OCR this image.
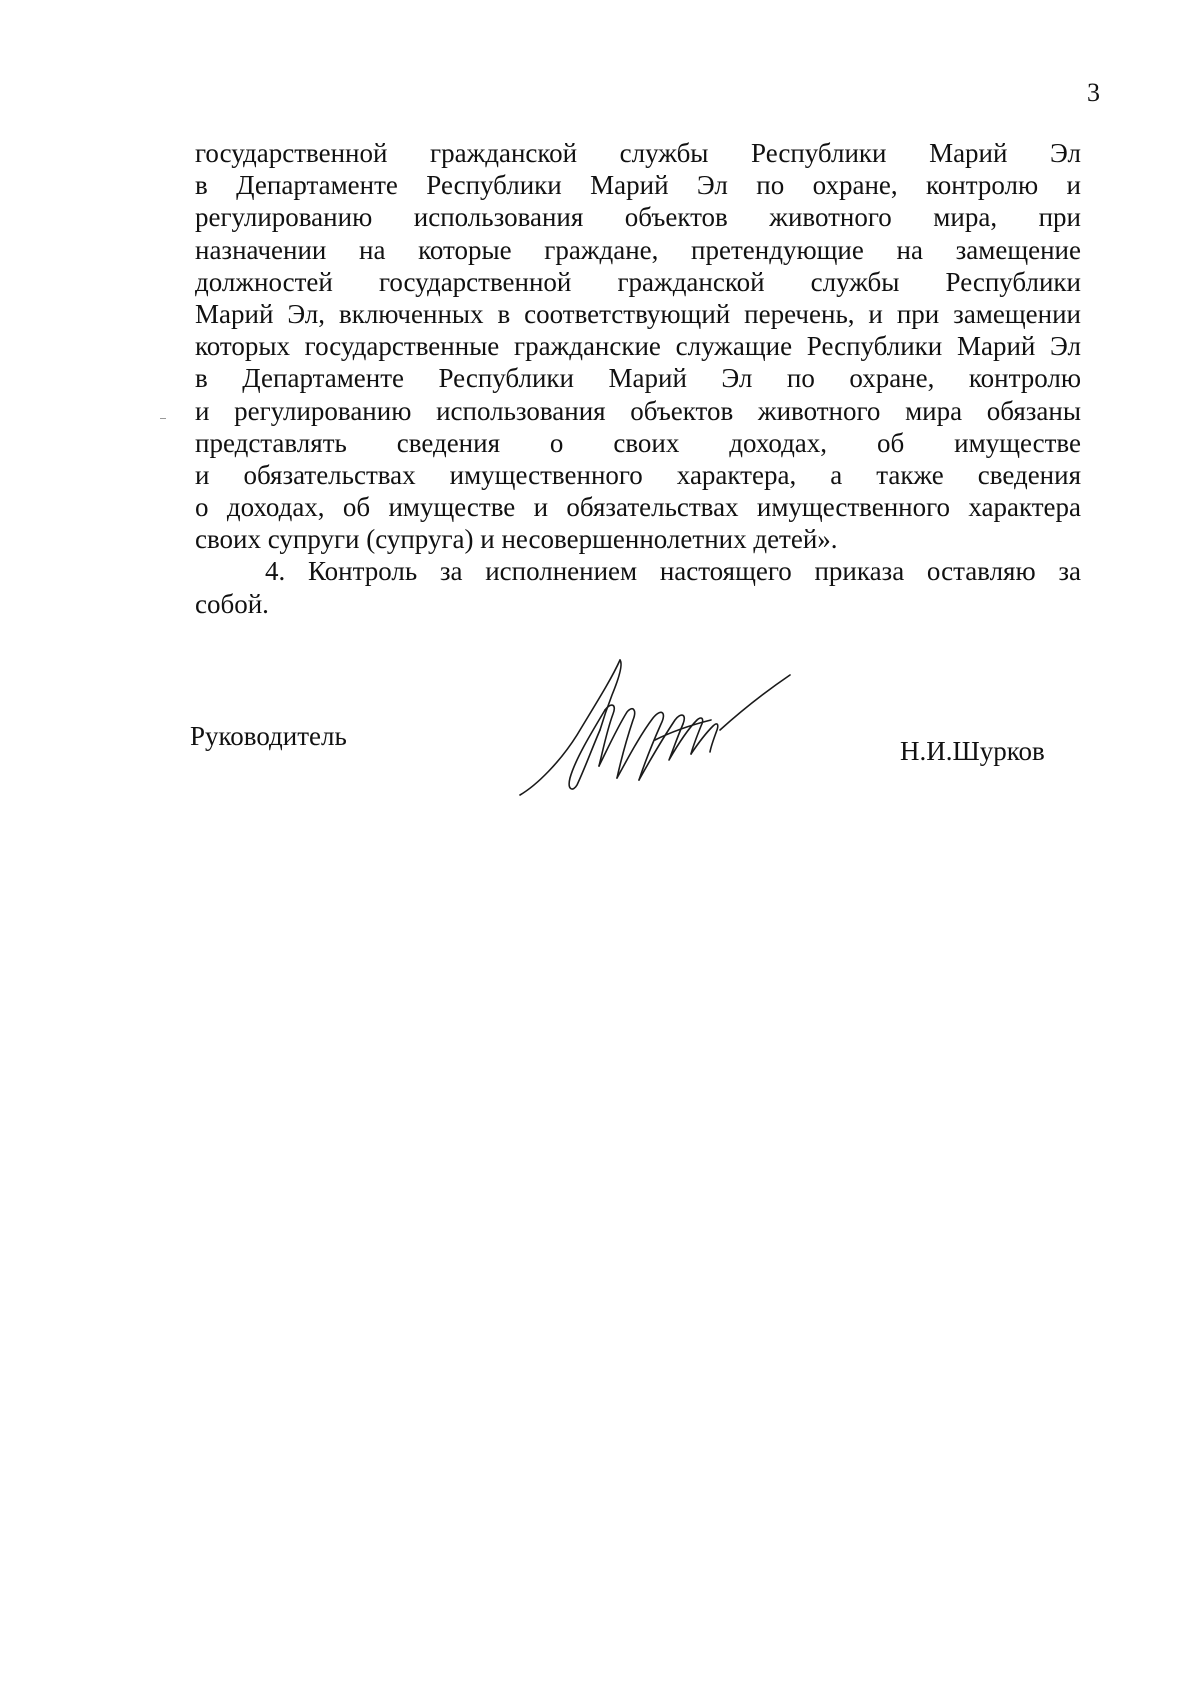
3
государственной гражданской службы Республики Марий Эл
в Департаменте Республики Марий Эл по охране, контролю и
регулированию использования объектов животного мира, при
назначении на которые граждане, претендующие на замещение
должностей государственной гражданской службы Республики
Марий Эл, включенных в соответствующий перечень, и при замещении
которых государственные гражданские служащие Республики Марий Эл
в Департаменте Республики Марий Эл по охране, контролю
и регулированию использования объектов животного мира обязаны
представлять сведения о своих доходах, об имуществе
и обязательствах имущественного характера, а также сведения
о доходах, об имуществе и обязательствах имущественного характера
своих супруги (супруга) и несовершеннолетних детей».
4. Контроль за исполнением настоящего приказа оставляю за
собой.
Руководитель	Н.И.Шурков
